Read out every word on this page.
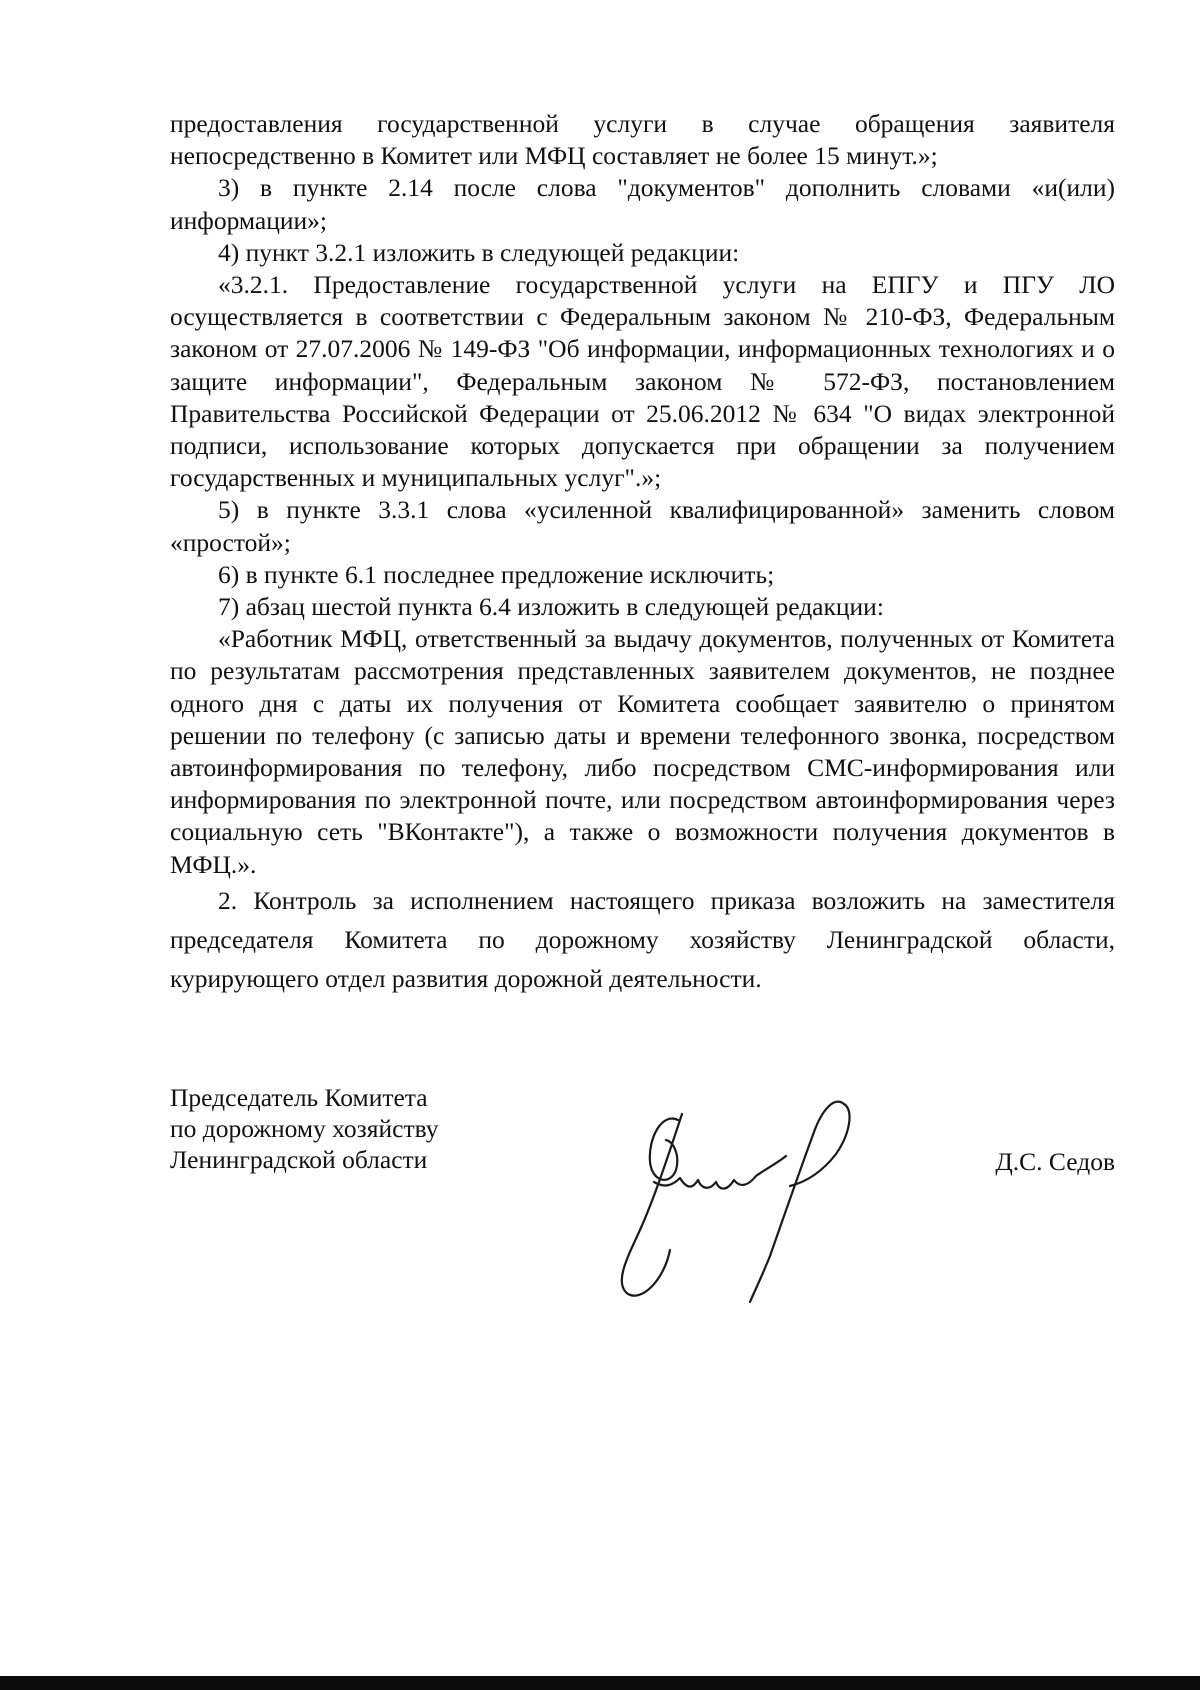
предоставления государственной услуги в случае обращения заявителя непосредственно в Комитет или МФЦ составляет не более 15 минут.»;

3) в пункте 2.14 после слова "документов" дополнить словами «и(или) информации»;

4) пункт 3.2.1 изложить в следующей редакции:

«3.2.1. Предоставление государственной услуги на ЕПГУ и ПГУ ЛО осуществляется в соответствии с Федеральным законом № 210-ФЗ, Федеральным законом от 27.07.2006 № 149-ФЗ "Об информации, информационных технологиях и о защите информации", Федеральным законом № 572-ФЗ, постановлением Правительства Российской Федерации от 25.06.2012 № 634 "О видах электронной подписи, использование которых допускается при обращении за получением государственных и муниципальных услуг".»;

5) в пункте 3.3.1 слова «усиленной квалифицированной» заменить словом «простой»;

6) в пункте 6.1 последнее предложение исключить;

7) абзац шестой пункта 6.4 изложить в следующей редакции:

«Работник МФЦ, ответственный за выдачу документов, полученных от Комитета по результатам рассмотрения представленных заявителем документов, не позднее одного дня с даты их получения от Комитета сообщает заявителю о принятом решении по телефону (с записью даты и времени телефонного звонка, посредством автоинформирования по телефону, либо посредством СМС-информирования или информирования по электронной почте, или посредством автоинформирования через социальную сеть "ВКонтакте"), а также о возможности получения документов в МФЦ.».

2. Контроль за исполнением настоящего приказа возложить на заместителя председателя Комитета по дорожному хозяйству Ленинградской области, курирующего отдел развития дорожной деятельности.

Председатель Комитета
по дорожному хозяйству
Ленинградской области	Д.С. Седов
